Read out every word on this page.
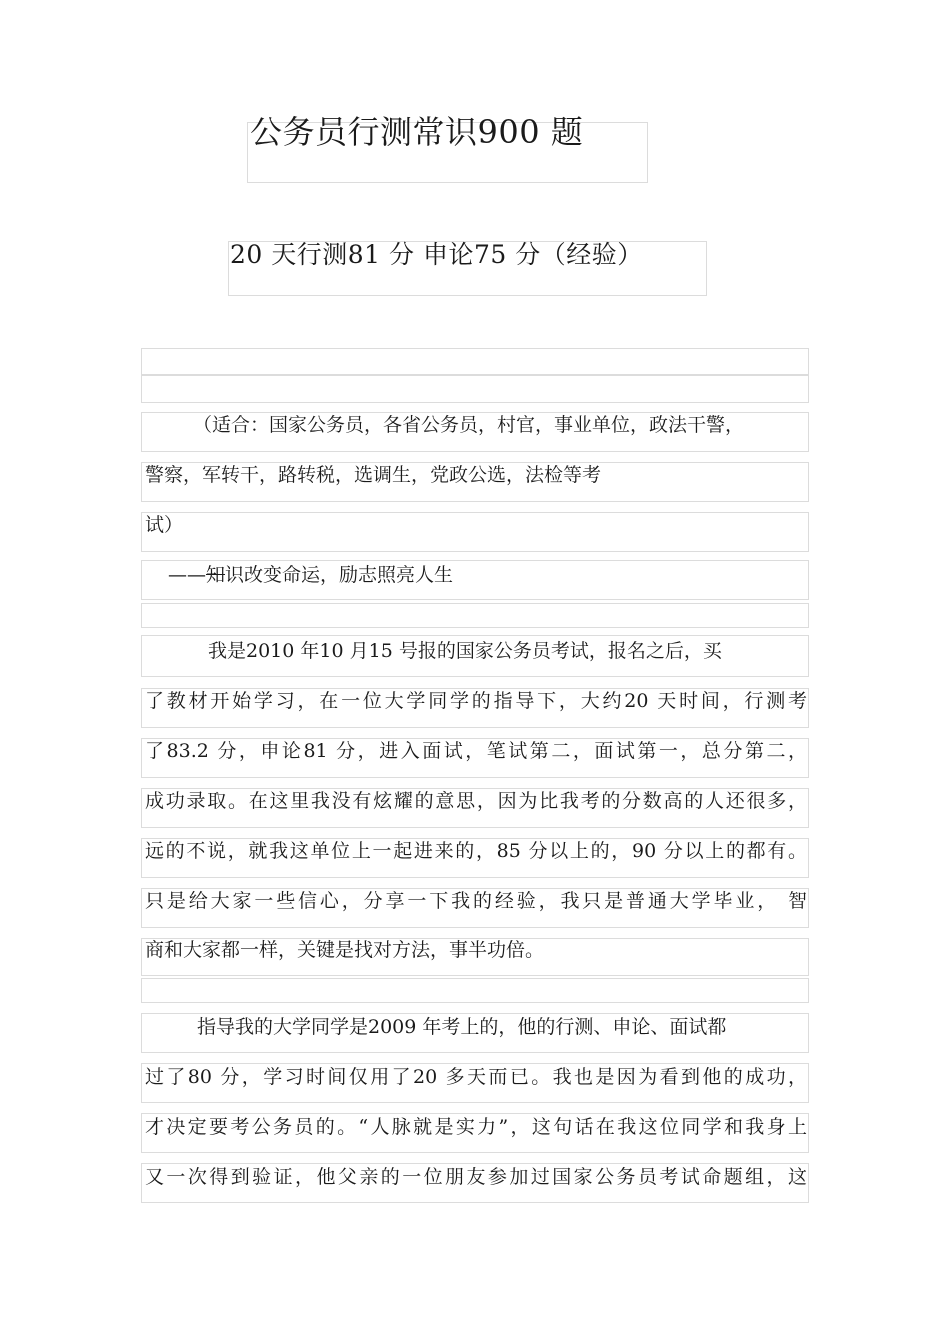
公务员行测常识900 题
20 天行测81 分 申论75 分（经验）
（适合：国家公务员，各省公务员，村官，事业单位，政法干警，
警察，军转干，路转税，选调生，党政公选，法检等考
试）
——知识改变命运，励志照亮人生
我是2010 年10 月15 号报的国家公务员考试，报名之后，买
了教材开始学习，在一位大学同学的指导下，大约20 天时间，行测考
了83.2 分，申论81 分，进入面试，笔试第二，面试第一，总分第二，
成功录取。在这里我没有炫耀的意思，因为比我考的分数高的人还很多，
远的不说，就我这单位上一起进来的，85 分以上的，90 分以上的都有。
只是给大家一些信心，分享一下我的经验，我只是普通大学毕业， 智
商和大家都一样，关键是找对方法，事半功倍。
指导我的大学同学是2009 年考上的，他的行测、申论、面试都
过了80 分，学习时间仅用了20 多天而已。我也是因为看到他的成功，
才决定要考公务员的。“人脉就是实力”，这句话在我这位同学和我身上
又一次得到验证，他父亲的一位朋友参加过国家公务员考试命题组，这
